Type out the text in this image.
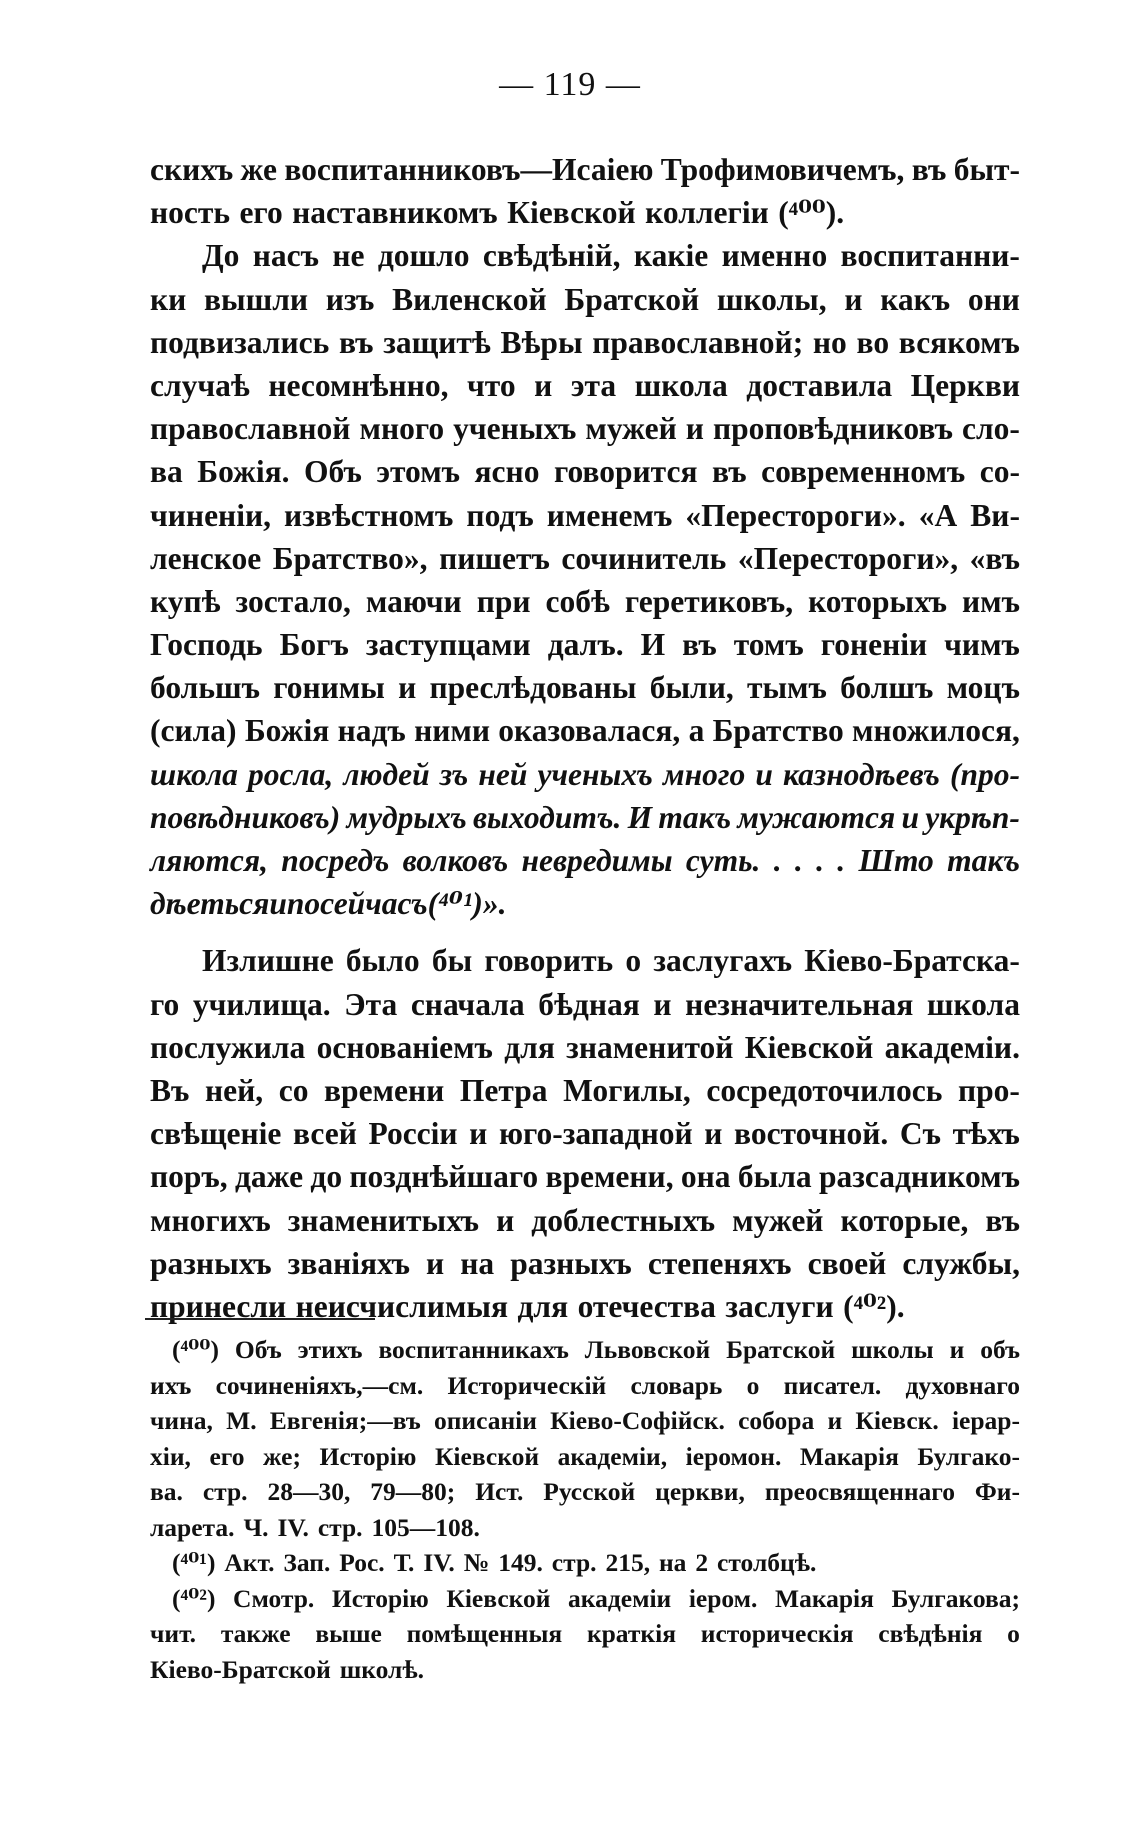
— 119 —
скихъ же воспитанниковъ—Исаіею Трофимовичемъ, въ быт-
ность его наставникомъ Кіевской коллегіи (⁴⁰⁰).
До насъ не дошло свѣдѣній, какіе именно воспитанни-
ки вышли изъ Виленской Братской школы, и какъ они
подвизались въ защитѣ Вѣры православной; но во всякомъ
случаѣ несомнѣнно, что и эта школа доставила Церкви
православной много ученыхъ мужей и проповѣдниковъ сло-
ва Божія. Объ этомъ ясно говорится въ современномъ со-
чиненіи, извѣстномъ подъ именемъ «Перестороги». «А Ви-
ленское Братство», пишетъ сочинитель «Перестороги», «въ
купѣ зостало, маючи при собѣ геретиковъ, которыхъ имъ
Господь Богъ заступцами далъ. И въ томъ гоненіи чимъ
большъ гонимы и преслѣдованы были, тымъ болшъ моцъ
(сила) Божія надъ ними оказовалася, а Братство множилося,
школа росла, людей зъ ней ученыхъ много и казнодѣевъ (про-
повѣдниковъ) мудрыхъ выходитъ. И такъ мужаются и укрѣп-
ляются, посредъ волковъ невредимы суть. . . . . Што такъ
дѣеться и по сей часъ (⁴⁰¹)».
Излишне было бы говорить о заслугахъ Кіево-Братска-
го училища. Эта сначала бѣдная и незначительная школа
послужила основаніемъ для знаменитой Кіевской академіи.
Въ ней, со времени Петра Могилы, сосредоточилось про-
свѣщеніе всей Россіи и юго-западной и восточной. Съ тѣхъ
поръ, даже до позднѣйшаго времени, она была разсадникомъ
многихъ знаменитыхъ и доблестныхъ мужей которые, въ
разныхъ званіяхъ и на разныхъ степеняхъ своей службы,
принесли неисчислимыя для отечества заслуги (⁴⁰²).
(⁴⁰⁰) Объ этихъ воспитанникахъ Львовской Братской школы и объ
ихъ сочиненіяхъ,—см. Историческій словарь о писател. духовнаго
чина, М. Евгенія;—въ описаніи Кіево-Софійск. собора и Кіевск. іерар-
хіи, его же; Исторію Кіевской академіи, іеромон. Макарія Булгако-
ва. стр. 28—30, 79—80; Ист. Русской церкви, преосвященнаго Фи-
ларета. Ч. IV. стр. 105—108.
(⁴⁰¹) Акт. Зап. Рос. Т. IV. № 149. стр. 215, на 2 столбцѣ.
(⁴⁰²) Смотр. Исторію Кіевской академіи іером. Макарія Булгакова;
чит. также выше помѣщенныя краткія историческія свѣдѣнія о
Кіево-Братской школѣ.
